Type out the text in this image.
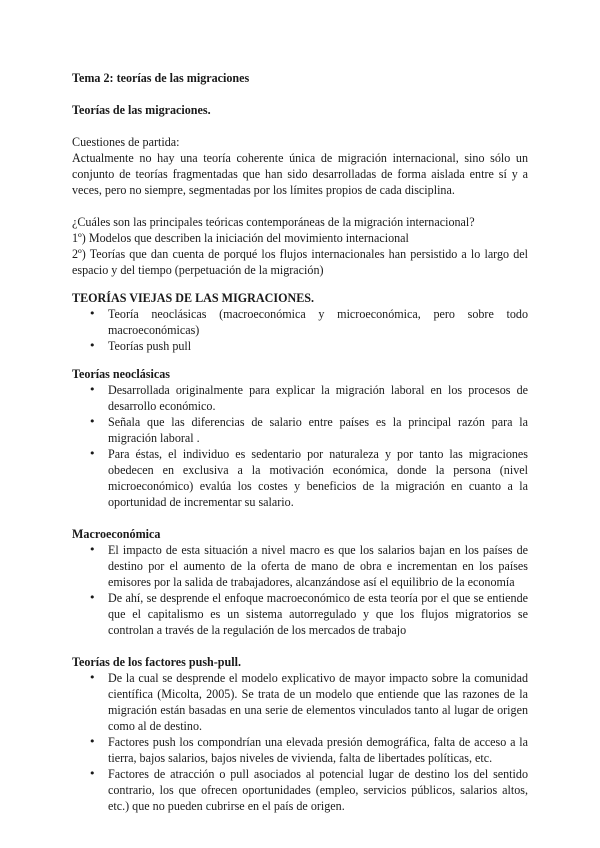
Tema 2: teorías de las migraciones

Teorías de las migraciones.

Cuestiones de partida:

Actualmente no hay una teoría coherente única de migración internacional, sino sólo un conjunto de teorías fragmentadas que han sido desarrolladas de forma aislada entre sí y a veces, pero no siempre, segmentadas por los límites propios de cada disciplina.

¿Cuáles son las principales teóricas contemporáneas de la migración internacional?

1º) Modelos que describen la iniciación del movimiento internacional

2º) Teorías que dan cuenta de porqué los flujos internacionales han persistido a lo largo del espacio y del tiempo (perpetuación de la migración)

TEORÍAS VIEJAS DE LAS MIGRACIONES.

• Teoría neoclásicas (macroeconómica y microeconómica, pero sobre todo macroeconómicas)
• Teorías push pull

Teorías neoclásicas

• Desarrollada originalmente para explicar la migración laboral en los procesos de desarrollo económico.
• Señala que las diferencias de salario entre países es la principal razón para la migración laboral .
• Para éstas, el individuo es sedentario por naturaleza y por tanto las migraciones obedecen en exclusiva a la motivación económica, donde la persona (nivel microeconómico) evalúa los costes y beneficios de la migración en cuanto a la oportunidad de incrementar su salario.

Macroeconómica

• El impacto de esta situación a nivel macro es que los salarios bajan en los países de destino por el aumento de la oferta de mano de obra e incrementan en los países emisores por la salida de trabajadores, alcanzándose así el equilibrio de la economía
• De ahí, se desprende el enfoque macroeconómico de esta teoría por el que se entiende que el capitalismo es un sistema autorregulado y que los flujos migratorios se controlan a través de la regulación de los mercados de trabajo

Teorías de los factores push-pull.

• De la cual se desprende el modelo explicativo de mayor impacto sobre la comunidad científica (Micolta, 2005). Se trata de un modelo que entiende que las razones de la migración están basadas en una serie de elementos vinculados tanto al lugar de origen como al de destino.
• Factores push los compondrían una elevada presión demográfica, falta de acceso a la tierra, bajos salarios, bajos niveles de vivienda, falta de libertades políticas, etc.
• Factores de atracción o pull asociados al potencial lugar de destino los del sentido contrario, los que ofrecen oportunidades (empleo, servicios públicos, salarios altos, etc.) que no pueden cubrirse en el país de origen.
